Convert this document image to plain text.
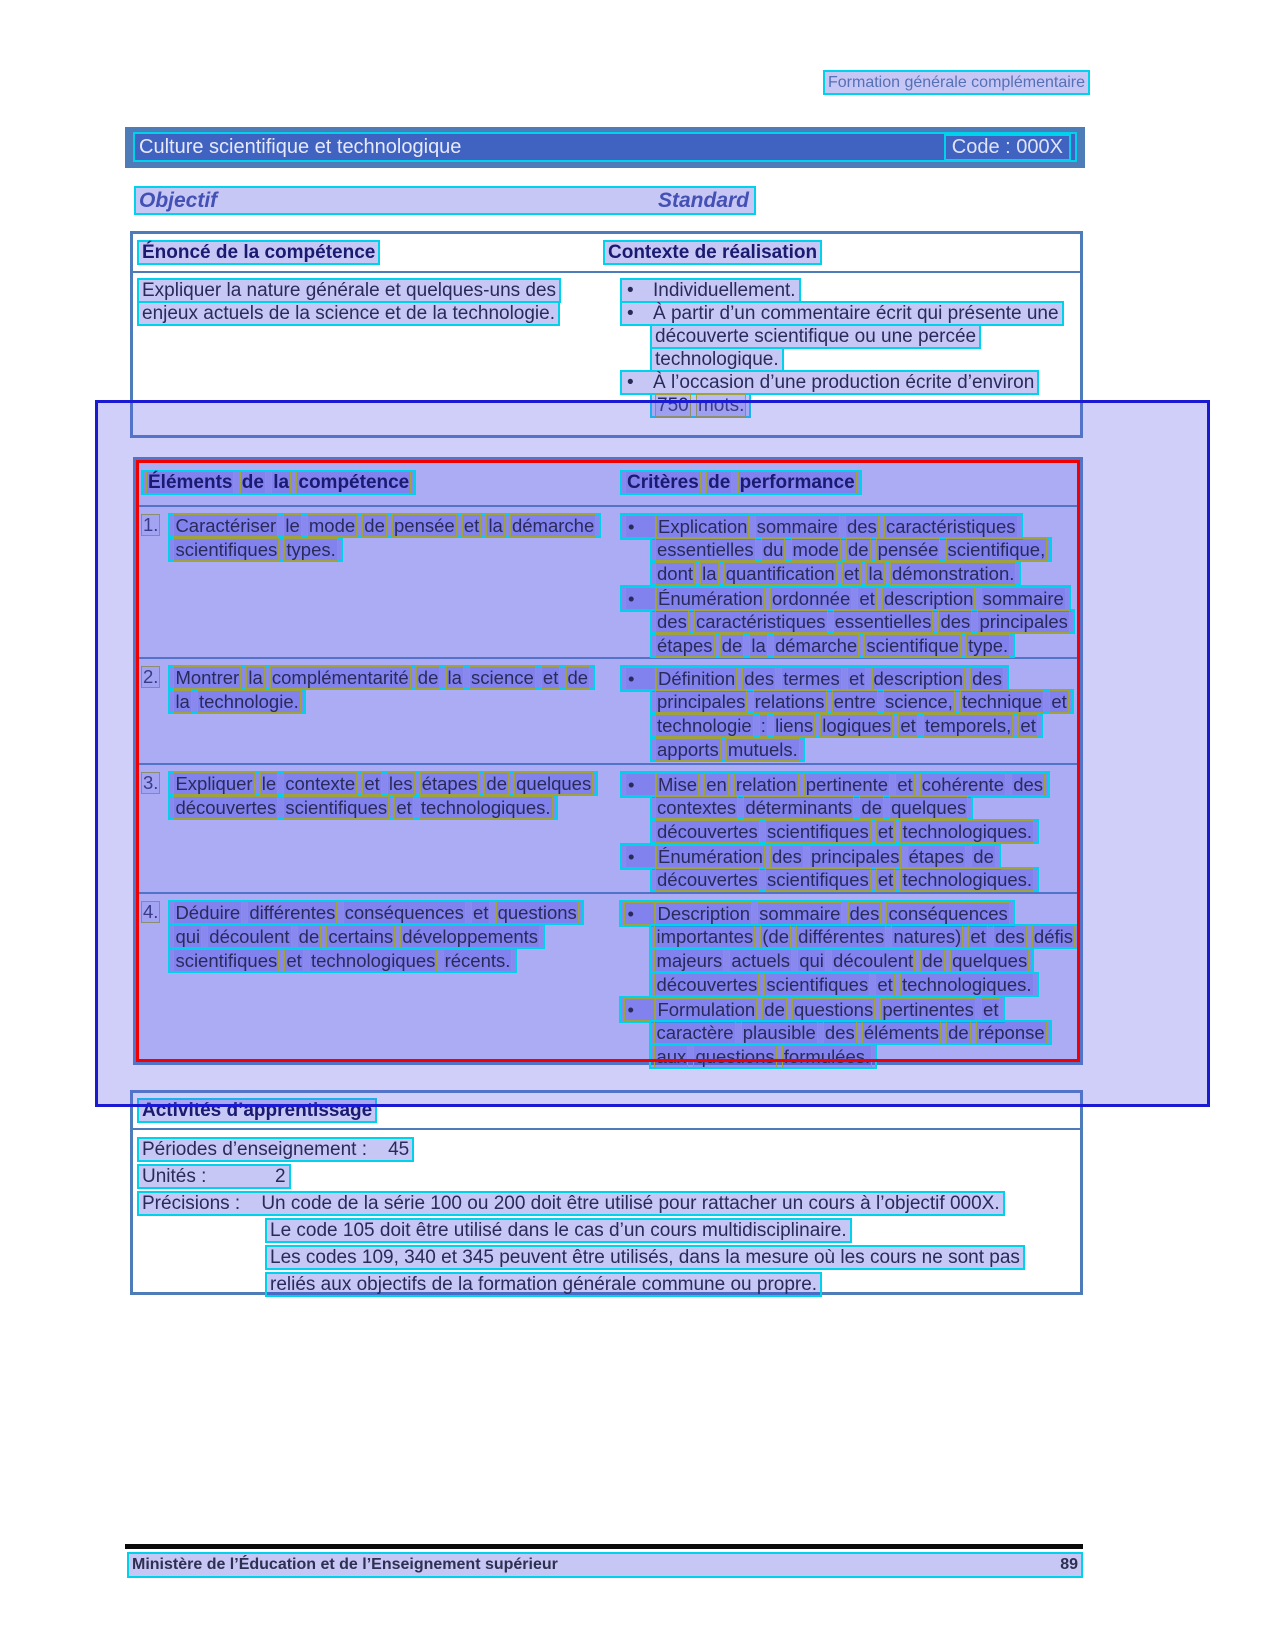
Formation générale complémentaire
Culture scientifique et technologique	Code : 000X
Objectif	Standard
Énoncé de la compétence	Contexte de réalisation
Expliquer la nature générale et quelques-uns des
enjeux actuels de la science et de la technologie.
• Individuellement.
• À partir d’un commentaire écrit qui présente une
découverte scientifique ou une percée
technologique.
• À l’occasion d’une production écrite d’environ
750 mots.
Éléments de la compétence	Critères de performance
1. Caractériser le mode de pensée et la démarche
scientifiques types.
• Explication sommaire des caractéristiques
essentielles du mode de pensée scientifique,
dont la quantification et la démonstration.
• Énumération ordonnée et description sommaire
des caractéristiques essentielles des principales
étapes de la démarche scientifique type.
2. Montrer la complémentarité de la science et de
la technologie.
• Définition des termes et description des
principales relations entre science, technique et
technologie : liens logiques et temporels, et
apports mutuels.
3. Expliquer le contexte et les étapes de quelques
découvertes scientifiques et technologiques.
• Mise en relation pertinente et cohérente des
contextes déterminants de quelques
découvertes scientifiques et technologiques.
• Énumération des principales étapes de
découvertes scientifiques et technologiques.
4. Déduire différentes conséquences et questions
qui découlent de certains développements
scientifiques et technologiques récents.
• Description sommaire des conséquences
importantes (de différentes natures) et des défis
majeurs actuels qui découlent de quelques
découvertes scientifiques et technologiques.
• Formulation de questions pertinentes et
caractère plausible des éléments de réponse
aux questions formulées.
Activités d’apprentissage
Périodes d’enseignement :    45
Unités :             2
Précisions :    Un code de la série 100 ou 200 doit être utilisé pour rattacher un cours à l’objectif 000X.
Le code 105 doit être utilisé dans le cas d’un cours multidisciplinaire.
Les codes 109, 340 et 345 peuvent être utilisés, dans la mesure où les cours ne sont pas
reliés aux objectifs de la formation générale commune ou propre.
Ministère de l’Éducation et de l’Enseignement supérieur	89
